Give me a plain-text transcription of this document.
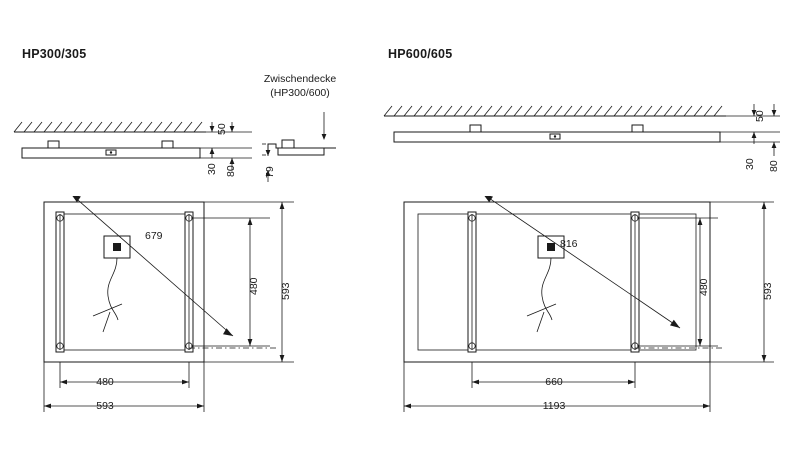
HP300/305	HP600/605
Zwischendecke
(HP300/600)
50
30 80	79
679
480 593
480
593
50
30 80
816
480	593
660
1193
